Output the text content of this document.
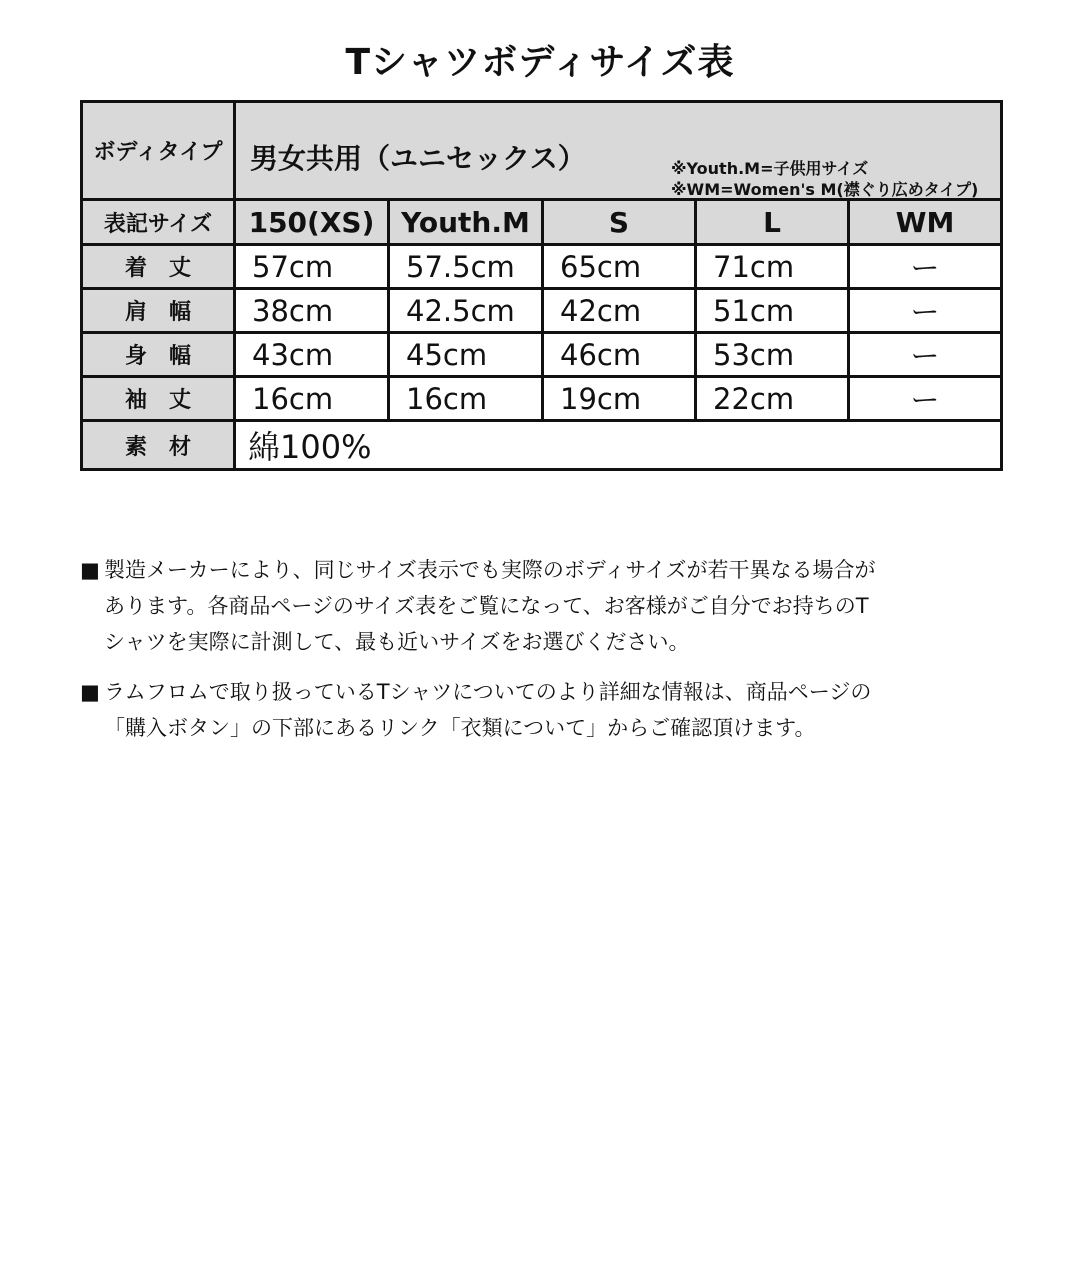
Tシャツボディサイズ表
ボディタイプ	男女共用（ユニセックス） ※Youth.M=子供用サイズ
※WM=Women's M(襟ぐり広めタイプ)				

表記サイズ	150(XS)	Youth.M	S	L	WM
着丈	57cm	57.5cm	65cm	71cm	ー
肩幅	38cm	42.5cm	42cm	51cm	ー
身幅	43cm	45cm	46cm	53cm	ー
袖丈	16cm	16cm	19cm	22cm	ー
素材	綿100%				
■ 製造メーカーにより、同じサイズ表示でも実際のボディサイズが若干異なる場合が
あります。各商品ページのサイズ表をご覧になって、お客様がご自分でお持ちのT
シャツを実際に計測して、最も近いサイズをお選びください。
■ ラムフロムで取り扱っているTシャツについてのより詳細な情報は、商品ページの
「購入ボタン」の下部にあるリンク「衣類について」からご確認頂けます。
